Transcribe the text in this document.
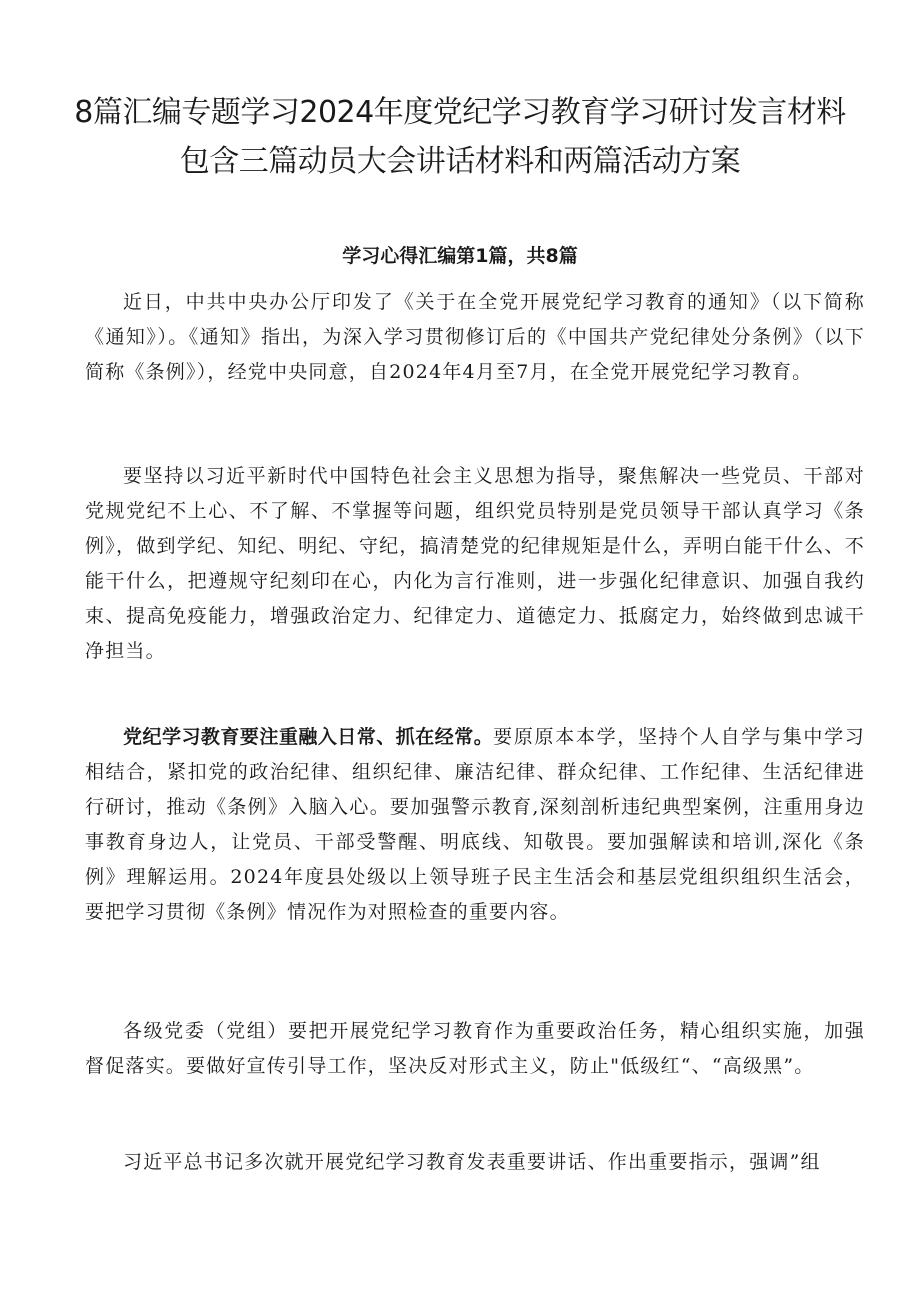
8篇汇编专题学习2024年度党纪学习教育学习研讨发言材料包含三篇动员大会讲话材料和两篇活动方案
学习心得汇编第1篇，共8篇

近日，中共中央办公厅印发了《关于在全党开展党纪学习教育的通知》（以下简称《通知》）。《通知》指出，为深入学习贯彻修订后的《中国共产党纪律处分条例》（以下简称《条例》），经党中央同意，自2024年4月至7月，在全党开展党纪学习教育。

要坚持以习近平新时代中国特色社会主义思想为指导，聚焦解决一些党员、干部对党规党纪不上心、不了解、不掌握等问题，组织党员特别是党员领导干部认真学习《条例》，做到学纪、知纪、明纪、守纪，搞清楚党的纪律规矩是什么，弄明白能干什么、不能干什么，把遵规守纪刻印在心，内化为言行准则，进一步强化纪律意识、加强自我约束、提高免疫能力，增强政治定力、纪律定力、道德定力、抵腐定力，始终做到忠诚干净担当。

党纪学习教育要注重融入日常、抓在经常。要原原本本学，坚持个人自学与集中学习相结合，紧扣党的政治纪律、组织纪律、廉洁纪律、群众纪律、工作纪律、生活纪律进行研讨，推动《条例》入脑入心。要加强警示教育,深刻剖析违纪典型案例，注重用身边事教育身边人，让党员、干部受警醒、明底线、知敬畏。要加强解读和培训,深化《条例》理解运用。2024年度县处级以上领导班子民主生活会和基层党组织组织生活会，要把学习贯彻《条例》情况作为对照检查的重要内容。

各级党委（党组）要把开展党纪学习教育作为重要政治任务，精心组织实施，加强督促落实。要做好宣传引导工作，坚决反对形式主义，防止"低级红“、“高级黑”。

习近平总书记多次就开展党纪学习教育发表重要讲话、作出重要指示，强调”组
